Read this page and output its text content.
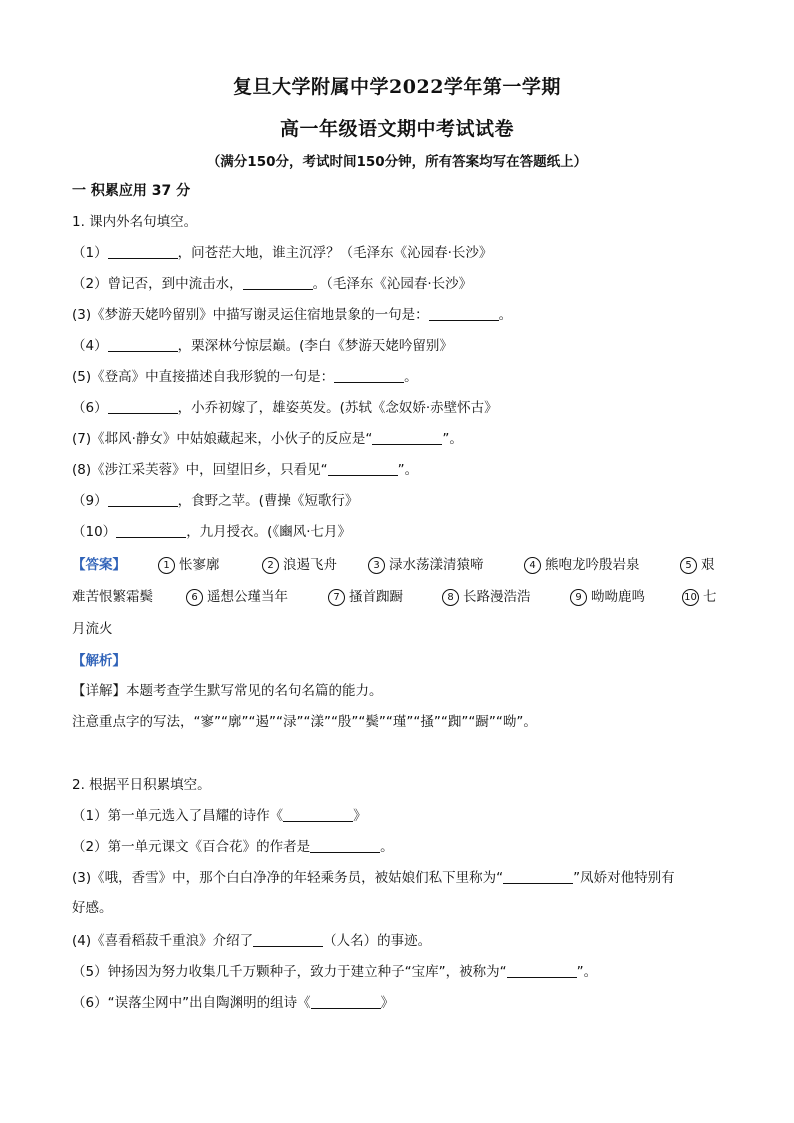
复旦大学附属中学2022学年第一学期
高一年级语文期中考试试卷
（满分150分，考试时间150分钟，所有答案均写在答题纸上）
一 积累应用 37 分
1. 课内外名句填空。
（1）	，问苍茫大地，谁主沉浮？（毛泽东《沁园春·长沙》
（2）曾记否，到中流击水，	。（毛泽东《沁园春·长沙》
(3)《梦游天姥吟留别》中描写谢灵运住宿地景象的一句是：	。
（4）	，栗深林兮惊层巅。(李白《梦游天姥吟留别》
(5)《登高》中直接描述自我形貌的一句是：	。
（6）	，小乔初嫁了，雄姿英发。(苏轼《念奴娇·赤壁怀古》
(7)《邶风·静女》中姑娘藏起来，小伙子的反应是“	”。
(8)《涉江采芙蓉》中，回望旧乡，只看见“	”。
（9）	，食野之苹。(曹操《短歌行》
（10）	，九月授衣。(《豳风·七月》
【答案】	1 怅寥廓	2 浪遏飞舟	3 渌水荡漾清猿啼	4 熊咆龙吟殷岩泉	5 艰
难苦恨繁霜鬓	6 遥想公瑾当年	7 搔首踟蹰	8 长路漫浩浩	9 呦呦鹿鸣	10 七
月流火
【解析】
【详解】本题考查学生默写常见的名句名篇的能力。
注意重点字的写法，“寥”“廓”“遏”“渌”“漾”“殷”“鬓”“瑾”“搔”“踟”“蹰”“呦”。
2. 根据平日积累填空。
（1）第一单元选入了昌耀的诗作《	》
（2）第一单元课文《百合花》的作者是	。
(3)《哦，香雪》中，那个白白净净的年轻乘务员，被姑娘们私下里称为“	”凤娇对他特别有
好感。
(4)《喜看稻菽千重浪》介绍了	（人名）的事迹。
（5）钟扬因为努力收集几千万颗种子，致力于建立种子“宝库”，被称为“	”。
（6）“误落尘网中”出自陶渊明的组诗《	》
